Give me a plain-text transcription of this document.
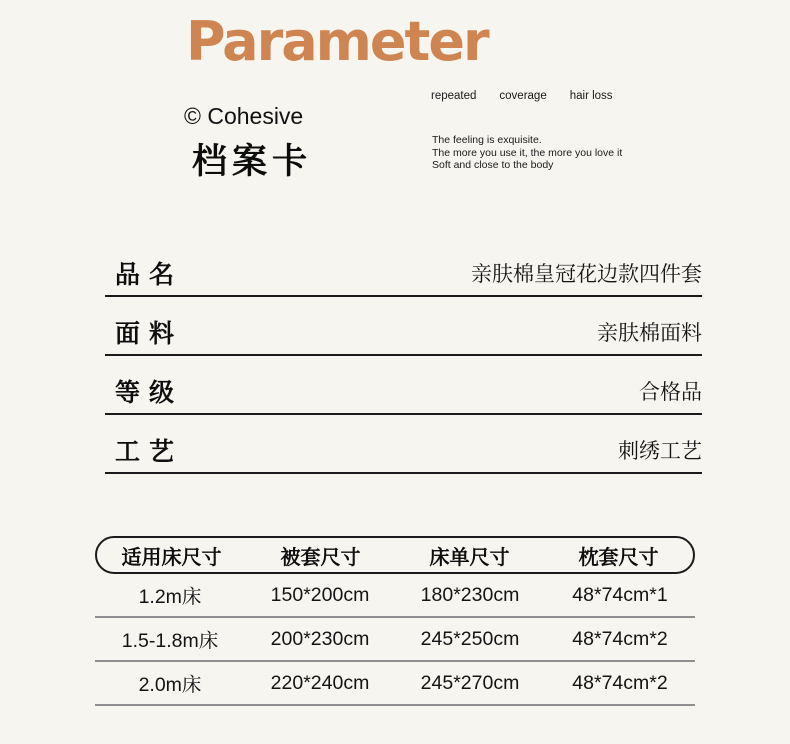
Parameter
© Cohesive
档案卡
repeated coverage hair loss
The feeling is exquisite.
The more you use it, the more you love it
Soft and close to the body
品 名	亲肤棉皇冠花边款四件套
面 料	亲肤棉面料
等 级	合格品
工 艺	刺绣工艺
适用床尺寸	被套尺寸	床单尺寸	枕套尺寸
1.2m床	150*200cm	180*230cm	48*74cm*1
1.5-1.8m床	200*230cm	245*250cm	48*74cm*2
2.0m床	220*240cm	245*270cm	48*74cm*2
